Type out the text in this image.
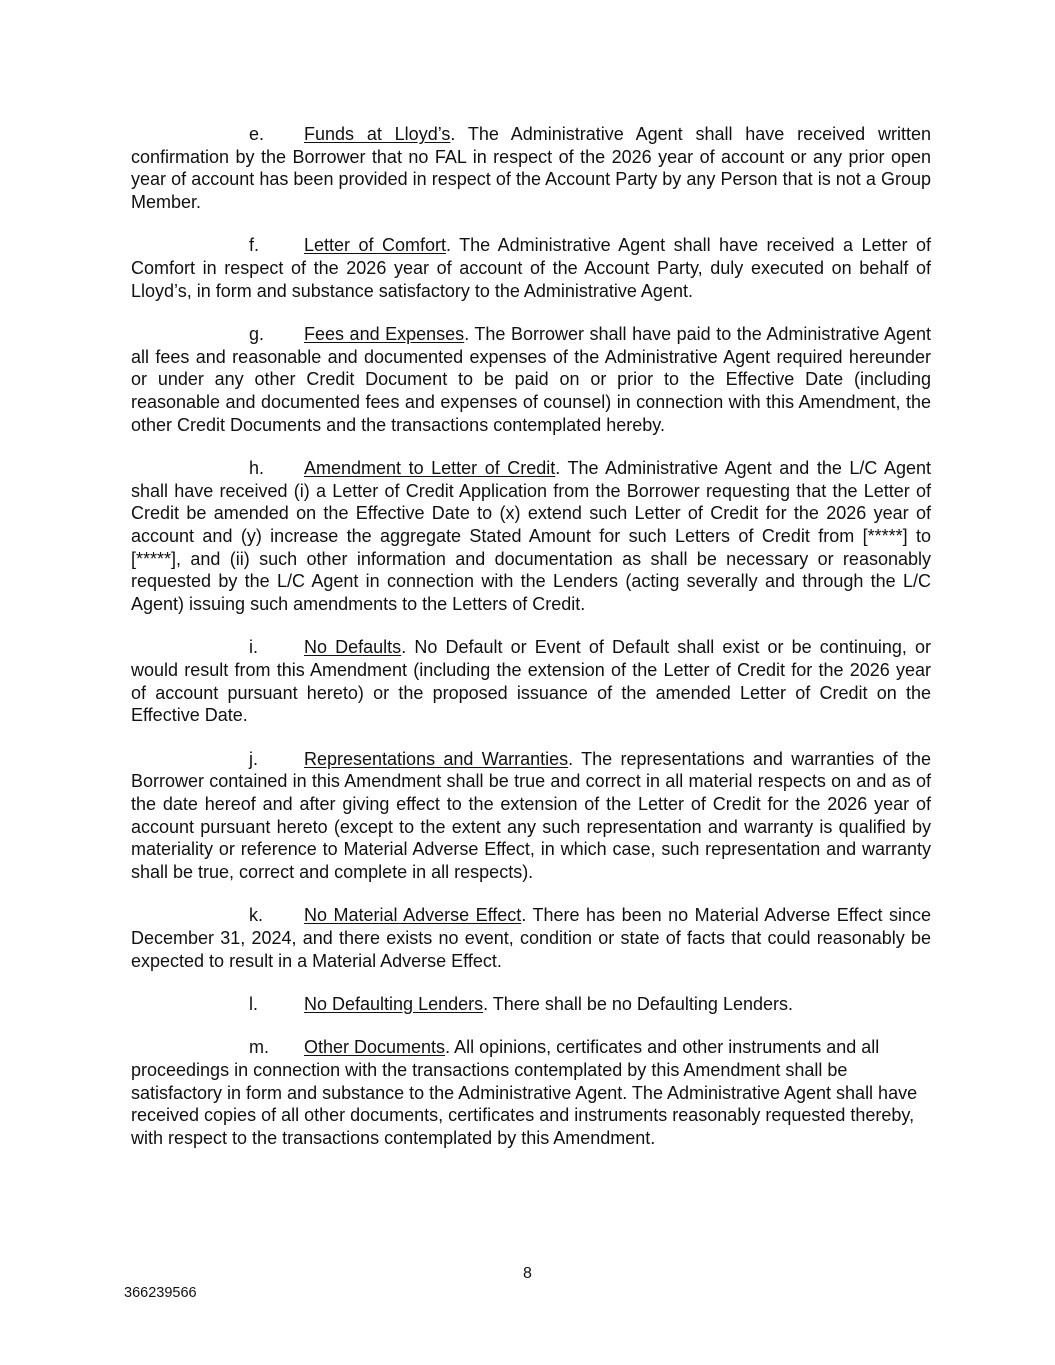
e. Funds at Lloyd’s. The Administrative Agent shall have received written confirmation by the Borrower that no FAL in respect of the 2026 year of account or any prior open year of account has been provided in respect of the Account Party by any Person that is not a Group Member.

f. Letter of Comfort. The Administrative Agent shall have received a Letter of Comfort in respect of the 2026 year of account of the Account Party, duly executed on behalf of Lloyd’s, in form and substance satisfactory to the Administrative Agent.

g. Fees and Expenses. The Borrower shall have paid to the Administrative Agent all fees and reasonable and documented expenses of the Administrative Agent required hereunder or under any other Credit Document to be paid on or prior to the Effective Date (including reasonable and documented fees and expenses of counsel) in connection with this Amendment, the other Credit Documents and the transactions contemplated hereby.

h. Amendment to Letter of Credit. The Administrative Agent and the L/C Agent shall have received (i) a Letter of Credit Application from the Borrower requesting that the Letter of Credit be amended on the Effective Date to (x) extend such Letter of Credit for the 2026 year of account and (y) increase the aggregate Stated Amount for such Letters of Credit from [*****] to [*****], and (ii) such other information and documentation as shall be necessary or reasonably requested by the L/C Agent in connection with the Lenders (acting severally and through the L/C Agent) issuing such amendments to the Letters of Credit.

i.	No Defaults. No Default or Event of Default shall exist or be continuing, or would result from this Amendment (including the extension of the Letter of Credit for the 2026 year of account pursuant hereto) or the proposed issuance of the amended Letter of Credit on the Effective Date.

j.	Representations and Warranties. The representations and warranties of the Borrower contained in this Amendment shall be true and correct in all material respects on and as of the date hereof and after giving effect to the extension of the Letter of Credit for the 2026 year of account pursuant hereto (except to the extent any such representation and warranty is qualified by materiality or reference to Material Adverse Effect, in which case, such representation and warranty shall be true, correct and complete in all respects).

k. No Material Adverse Effect. There has been no Material Adverse Effect since December 31, 2024, and there exists no event, condition or state of facts that could reasonably be expected to result in a Material Adverse Effect.

l.	No Defaulting Lenders. There shall be no Defaulting Lenders.

m. Other Documents. All opinions, certificates and other instruments and all proceedings in connection with the transactions contemplated by this Amendment shall be satisfactory in form and substance to the Administrative Agent. The Administrative Agent shall have received copies of all other documents, certificates and instruments reasonably requested thereby, with respect to the transactions contemplated by this Amendment.

8
366239566
